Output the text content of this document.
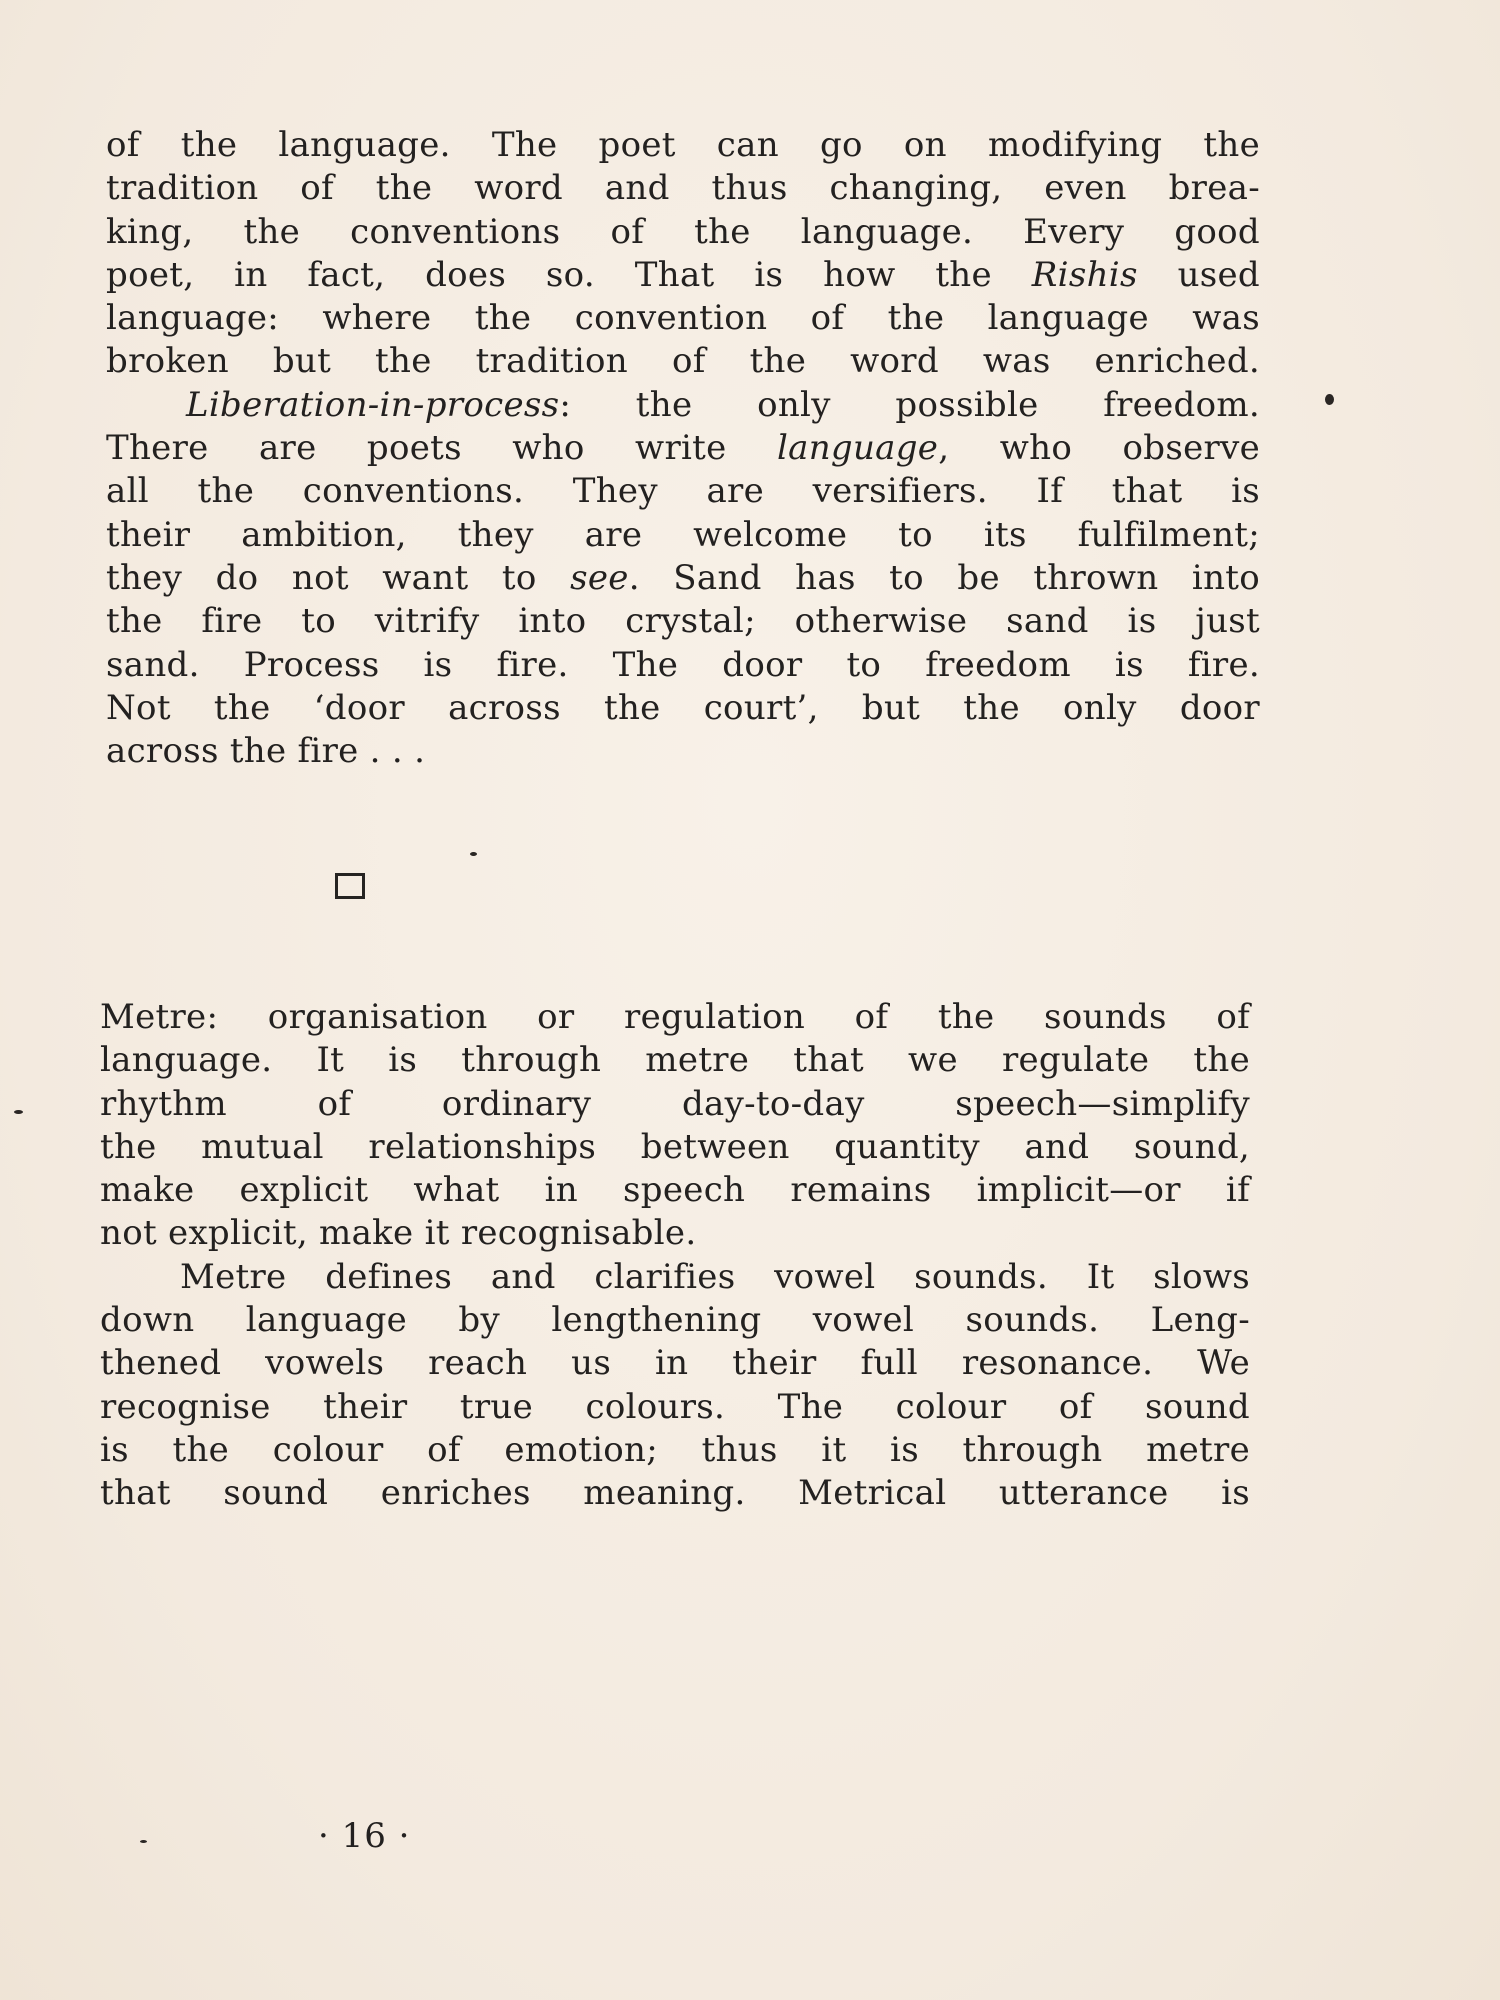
of the language. The poet can go on modifying the
tradition of the word and thus changing, even brea-
king, the conventions of the language. Every good
poet, in fact, does so. That is how the Rishis used
language: where the convention of the language was
broken but the tradition of the word was enriched.
Liberation-in-process: the only possible freedom.
There are poets who write language, who observe
all the conventions. They are versifiers. If that is
their ambition, they are welcome to its fulfilment;
they do not want to see. Sand has to be thrown into
the fire to vitrify into crystal; otherwise sand is just
sand. Process is fire. The door to freedom is fire.
Not the ‘door across the court’, but the only door
across the fire . . .
Metre: organisation or regulation of the sounds of
language. It is through metre that we regulate the
rhythm of ordinary day-to-day speech—simplify
the mutual relationships between quantity and sound,
make explicit what in speech remains implicit—or if
not explicit, make it recognisable.
Metre defines and clarifies vowel sounds. It slows
down language by lengthening vowel sounds. Leng-
thened vowels reach us in their full resonance. We
recognise their true colours. The colour of sound
is the colour of emotion; thus it is through metre
that sound enriches meaning. Metrical utterance is
· 16 ·
